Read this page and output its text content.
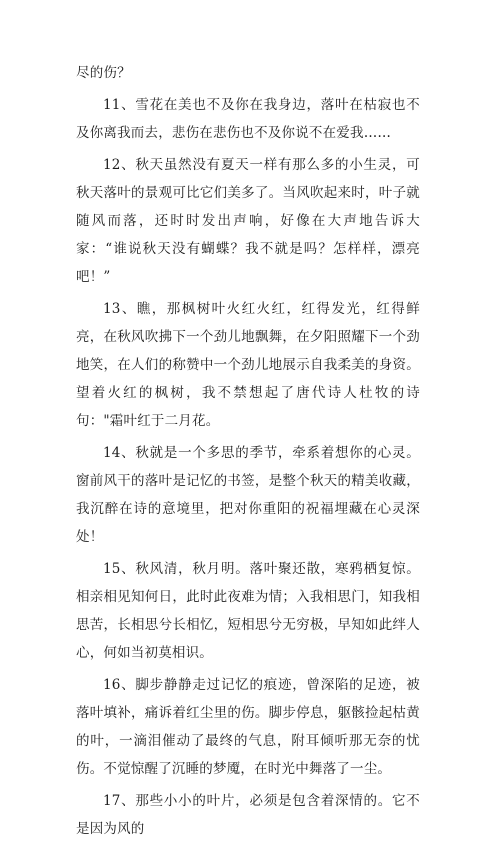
尽的伤？

11、雪花在美也不及你在我身边，落叶在枯寂也不及你离我而去，悲伤在悲伤也不及你说不在爱我……

12、秋天虽然没有夏天一样有那么多的小生灵，可秋天落叶的景观可比它们美多了。当风吹起来时，叶子就随风而落，还时时发出声响，好像在大声地告诉大家：“谁说秋天没有蝴蝶？我不就是吗？怎样样，漂亮吧！”

13、瞧，那枫树叶火红火红，红得发光，红得鲜亮，在秋风吹拂下一个劲儿地飘舞，在夕阳照耀下一个劲地笑，在人们的称赞中一个劲儿地展示自我柔美的身资。望着火红的枫树，我不禁想起了唐代诗人杜牧的诗句："霜叶红于二月花。

14、秋就是一个多思的季节，牵系着想你的心灵。窗前风干的落叶是记忆的书签，是整个秋天的精美收藏，我沉醉在诗的意境里，把对你重阳的祝福埋藏在心灵深处！

15、秋风清，秋月明。落叶聚还散，寒鸦栖复惊。相亲相见知何日，此时此夜难为情；入我相思门，知我相思苦，长相思兮长相忆，短相思兮无穷极，早知如此绊人心，何如当初莫相识。

16、脚步静静走过记忆的痕迹，曾深陷的足迹，被落叶填补，痛诉着红尘里的伤。脚步停息，躯骸捡起枯黄的叶，一滴泪催动了最终的气息，附耳倾听那无奈的忧伤。不觉惊醒了沉睡的梦魇，在时光中舞落了一尘。

17、那些小小的叶片，必须是包含着深情的。它不是因为风的
